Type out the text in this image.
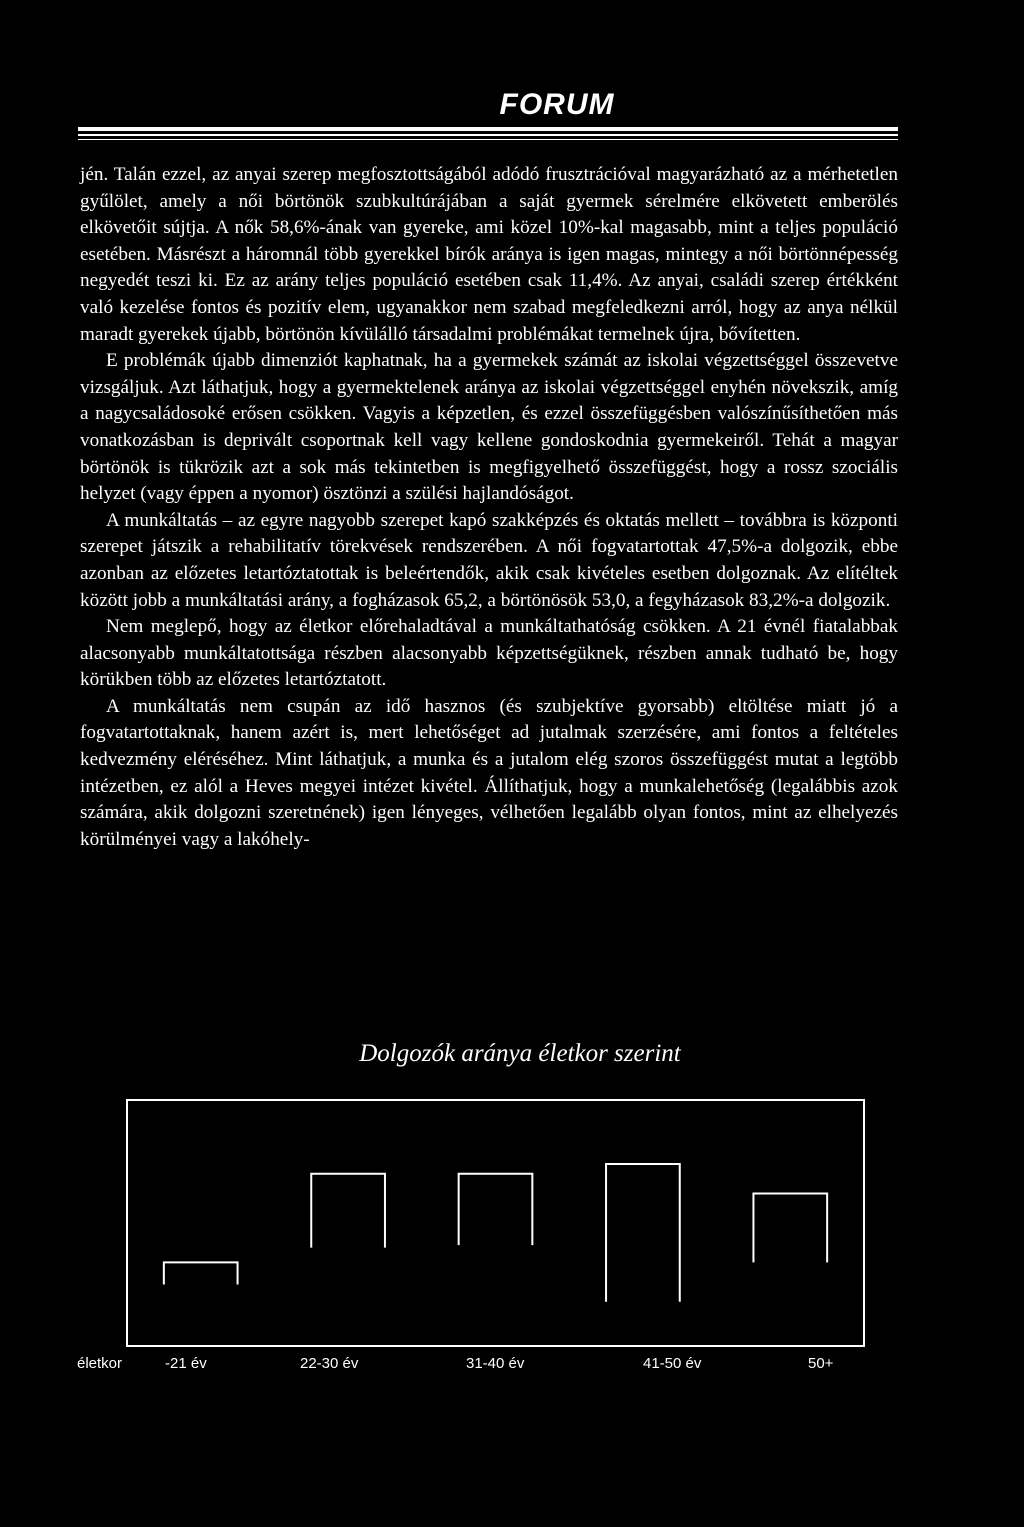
FORUM

jén. Talán ezzel, az anyai szerep megfosztottságából adódó frusztrációval magyarázható az a mérhetetlen gyűlölet, amely a női börtönök szubkultúrájában a saját gyermek sérelmére elkövetett emberölés elkövetőit sújtja. A nők 58,6%-ának van gyereke, ami közel 10%-kal magasabb, mint a teljes populáció esetében. Másrészt a háromnál több gyerekkel bírók aránya is igen magas, mintegy a női börtönnépesség negyedét teszi ki. Ez az arány teljes populáció esetében csak 11,4%. Az anyai, családi szerep értékként való kezelése fontos és pozitív elem, ugyanakkor nem szabad megfeledkezni arról, hogy az anya nélkül maradt gyerekek újabb, börtönön kívülálló társadalmi problémákat termelnek újra, bővítetten.

E problémák újabb dimenziót kaphatnak, ha a gyermekek számát az iskolai végzettséggel összevetve vizsgáljuk. Azt láthatjuk, hogy a gyermektelenek aránya az iskolai végzettséggel enyhén növekszik, amíg a nagycsaládosoké erősen csökken. Vagyis a képzetlen, és ezzel összefüggésben valószínűsíthetően más vonatkozásban is deprivált csoportnak kell vagy kellene gondoskodnia gyermekeiről. Tehát a magyar börtönök is tükrözik azt a sok más tekintetben is megfigyelhető összefüggést, hogy a rossz szociális helyzet (vagy éppen a nyomor) ösztönzi a szülési hajlandóságot.

A munkáltatás – az egyre nagyobb szerepet kapó szakképzés és oktatás mellett – továbbra is központi szerepet játszik a rehabilitatív törekvések rendszerében. A női fogvatartottak 47,5%-a dolgozik, ebbe azonban az előzetes letartóztatottak is beleértendők, akik csak kivételes esetben dolgoznak. Az elítéltek között jobb a munkáltatási arány, a fogházasok 65,2, a börtönösök 53,0, a fegyházasok 83,2%-a dolgozik.

Nem meglepő, hogy az életkor előrehaladtával a munkáltathatóság csökken. A 21 évnél fiatalabbak alacsonyabb munkáltatottsága részben alacsonyabb képzettségüknek, részben annak tudható be, hogy körükben több az előzetes letartóztatott.

A munkáltatás nem csupán az idő hasznos (és szubjektíve gyorsabb) eltöltése miatt jó a fogvatartottaknak, hanem azért is, mert lehetőséget ad jutalmak szerzésére, ami fontos a feltételes kedvezmény eléréséhez. Mint láthatjuk, a munka és a jutalom elég szoros összefüggést mutat a legtöbb intézetben, ez alól a Heves megyei intézet kivétel. Állíthatjuk, hogy a munkalehetőség (legalábbis azok számára, akik dolgozni szeretnének) igen lényeges, vélhetően legalább olyan fontos, mint az elhelyezés körülményei vagy a lakóhely-

Dolgozók aránya életkor szerint
életkor	-21 év	22-30 év	31-40 év	41-50 év	50+
